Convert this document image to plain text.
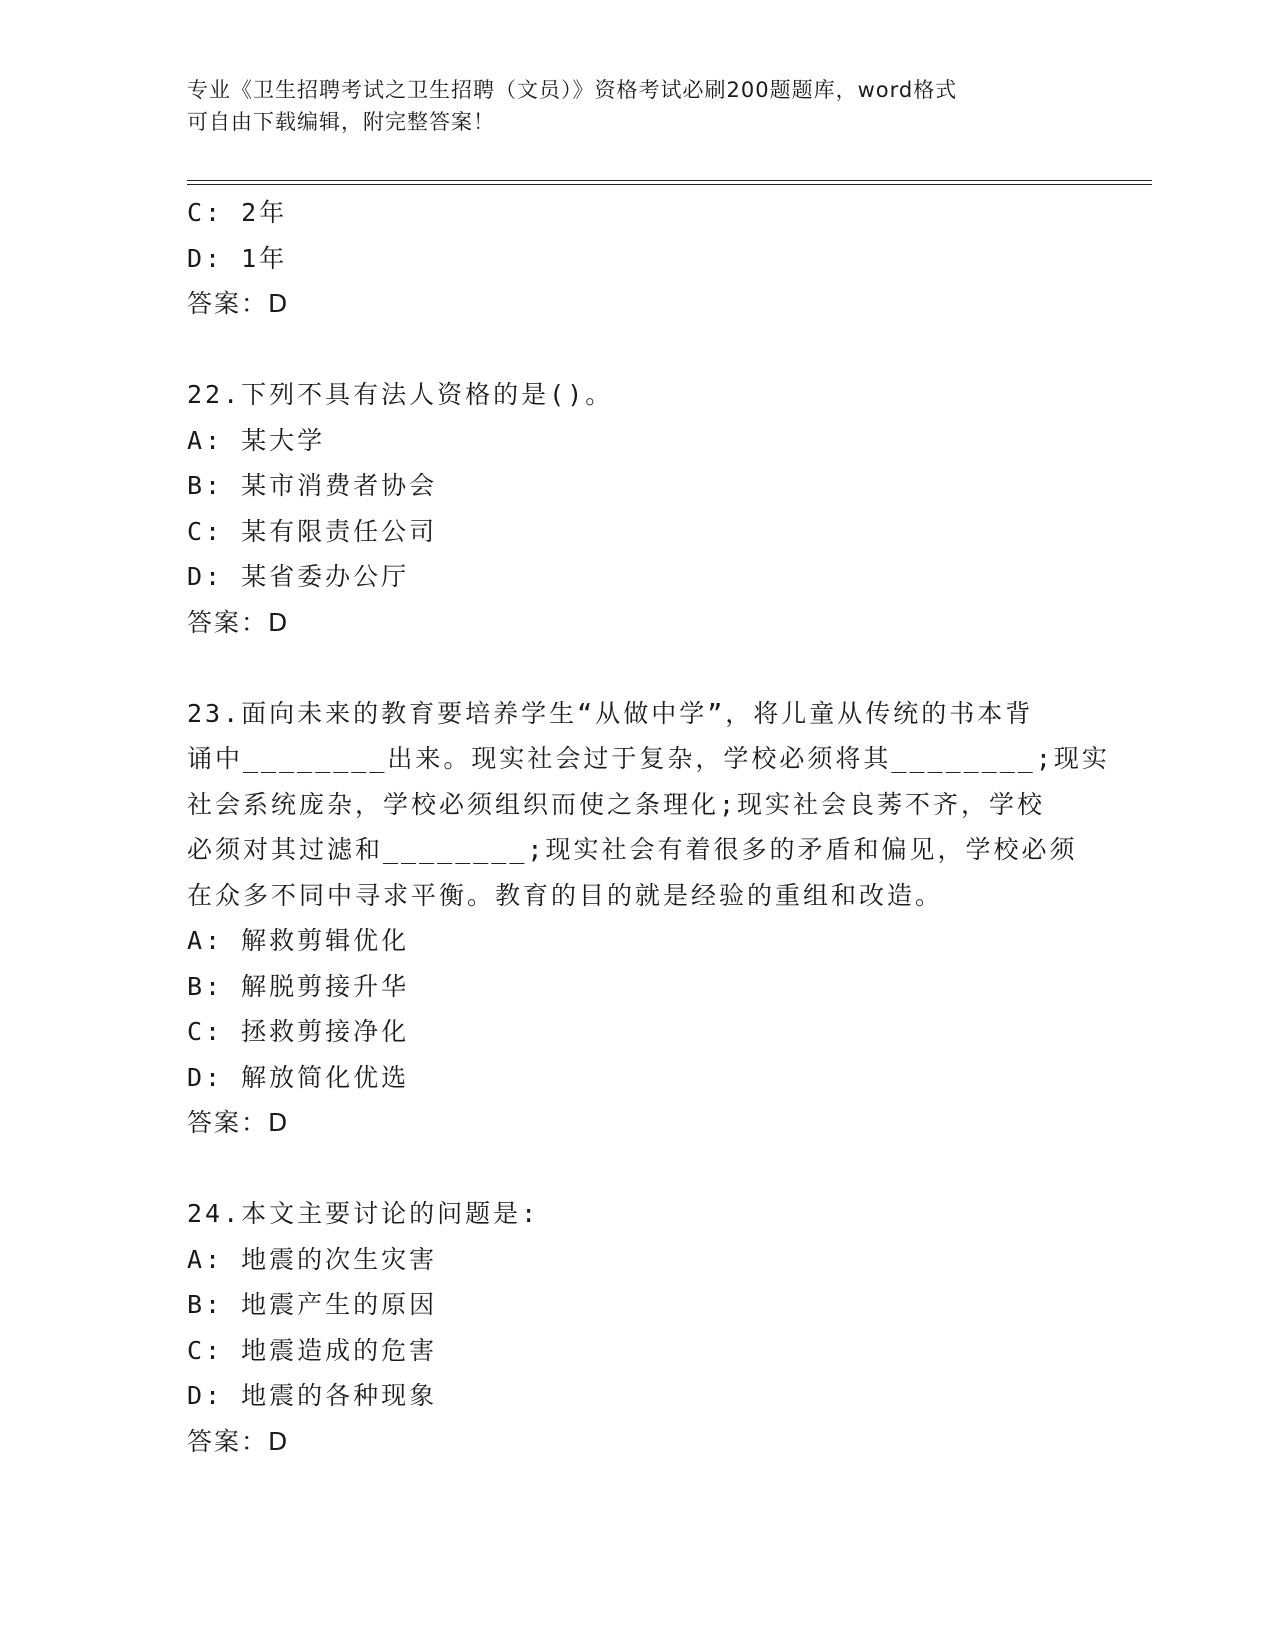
专业《卫生招聘考试之卫生招聘（文员）》资格考试必刷200题题库，word格式
可自由下载编辑，附完整答案！
C: 2年
D: 1年
答案：D
22.下列不具有法人资格的是()。
A: 某大学
B: 某市消费者协会
C: 某有限责任公司
D: 某省委办公厅
答案：D
23.面向未来的教育要培养学生“从做中学”，将儿童从传统的书本背
诵中________出来。现实社会过于复杂，学校必须将其________;现实
社会系统庞杂，学校必须组织而使之条理化;现实社会良莠不齐，学校
必须对其过滤和________;现实社会有着很多的矛盾和偏见，学校必须
在众多不同中寻求平衡。教育的目的就是经验的重组和改造。
A: 解救剪辑优化
B: 解脱剪接升华
C: 拯救剪接净化
D: 解放简化优选
答案：D
24.本文主要讨论的问题是:
A: 地震的次生灾害
B: 地震产生的原因
C: 地震造成的危害
D: 地震的各种现象
答案：D
